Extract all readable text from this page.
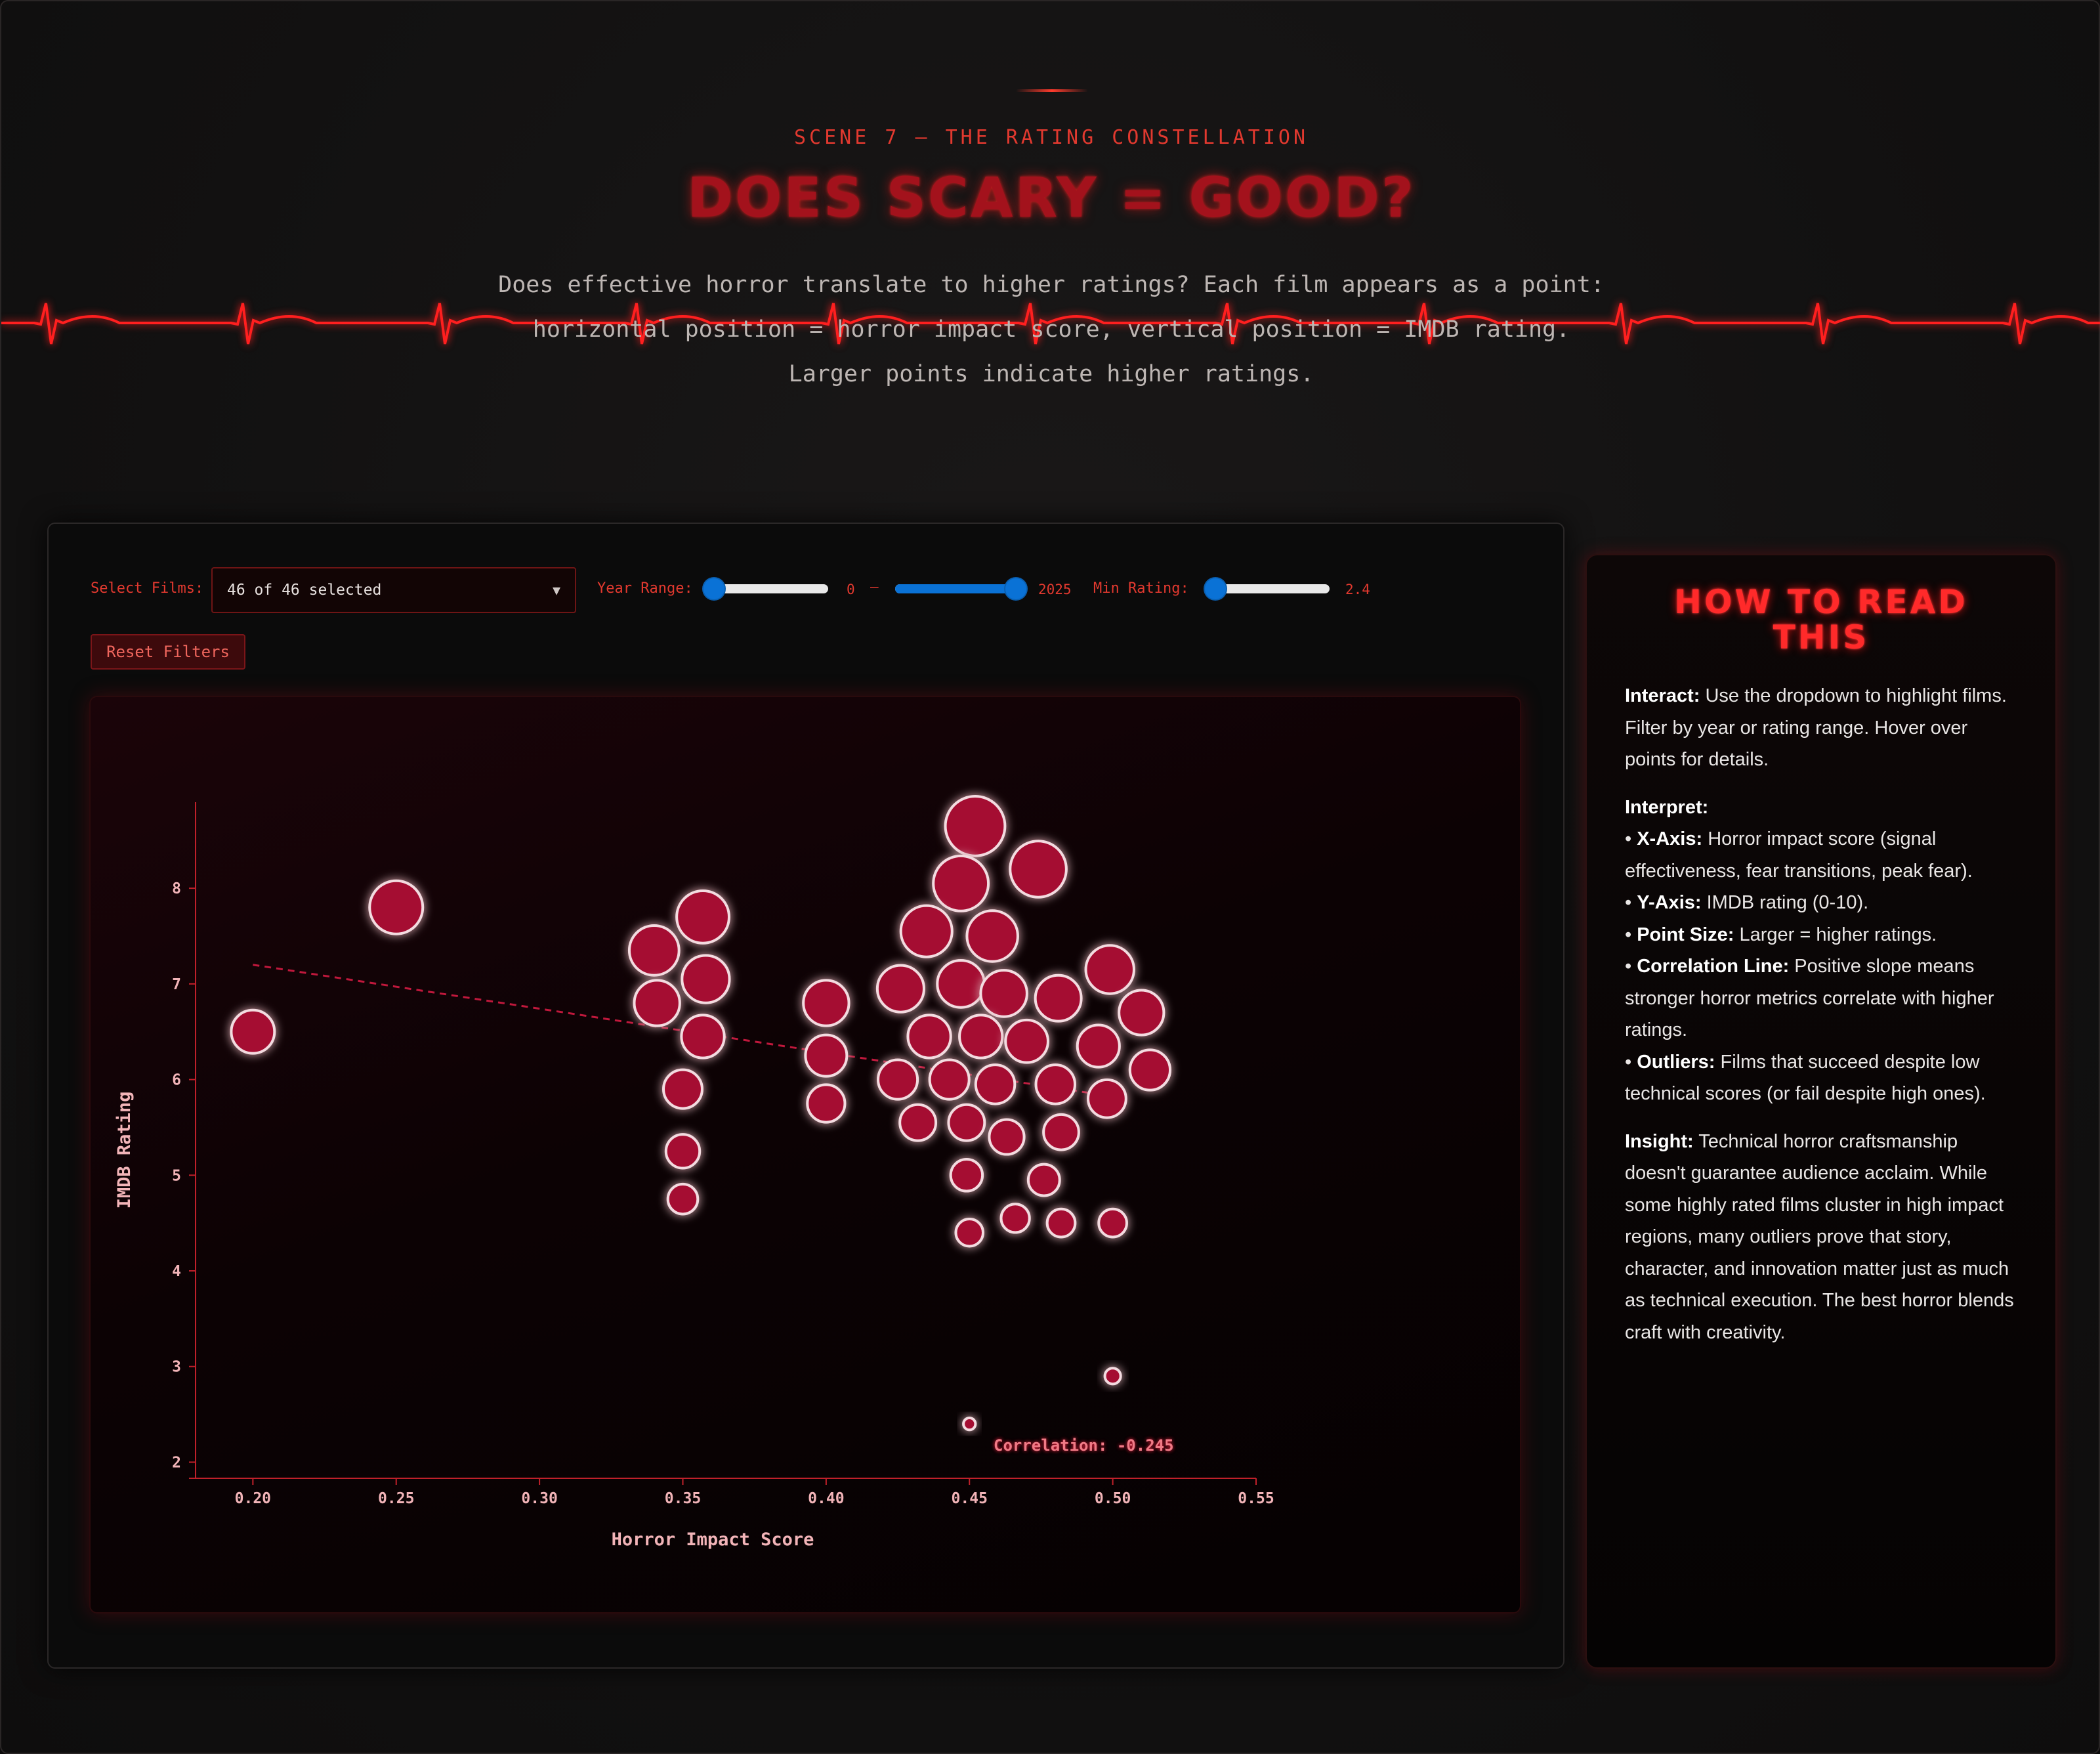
SCENE 7 — THE RATING CONSTELLATION
DOES SCARY = GOOD?

Does effective horror translate to higher ratings? Each film appears as a point:

horizontal position = horror impact score, vertical position = IMDB rating.

Larger points indicate higher ratings.

Select Films:	46 of 46 selected	▼	Year Range:	0 —	2025 Min Rating:	2.4
Reset Filters
0.20	0.25	0.30	0.35	0.40	0.45	0.50	0.55
2
3
4
5
6
7
8
Horror Impact Score
IMDB Rating
Correlation: -0.245
HOW TO READ
THIS

Interact: Use the dropdown to highlight films. Filter by year or rating range. Hover over points for details.

Interpret:
• X-Axis: Horror impact score (signal effectiveness, fear transitions, peak fear).
• Y-Axis: IMDB rating (0-10).
• Point Size: Larger = higher ratings.
• Correlation Line: Positive slope means stronger horror metrics correlate with higher ratings.
• Outliers: Films that succeed despite low technical scores (or fail despite high ones).

Insight: Technical horror craftsmanship doesn't guarantee audience acclaim. While some highly rated films cluster in high impact regions, many outliers prove that story, character, and innovation matter just as much as technical execution. The best horror blends craft with creativity.
